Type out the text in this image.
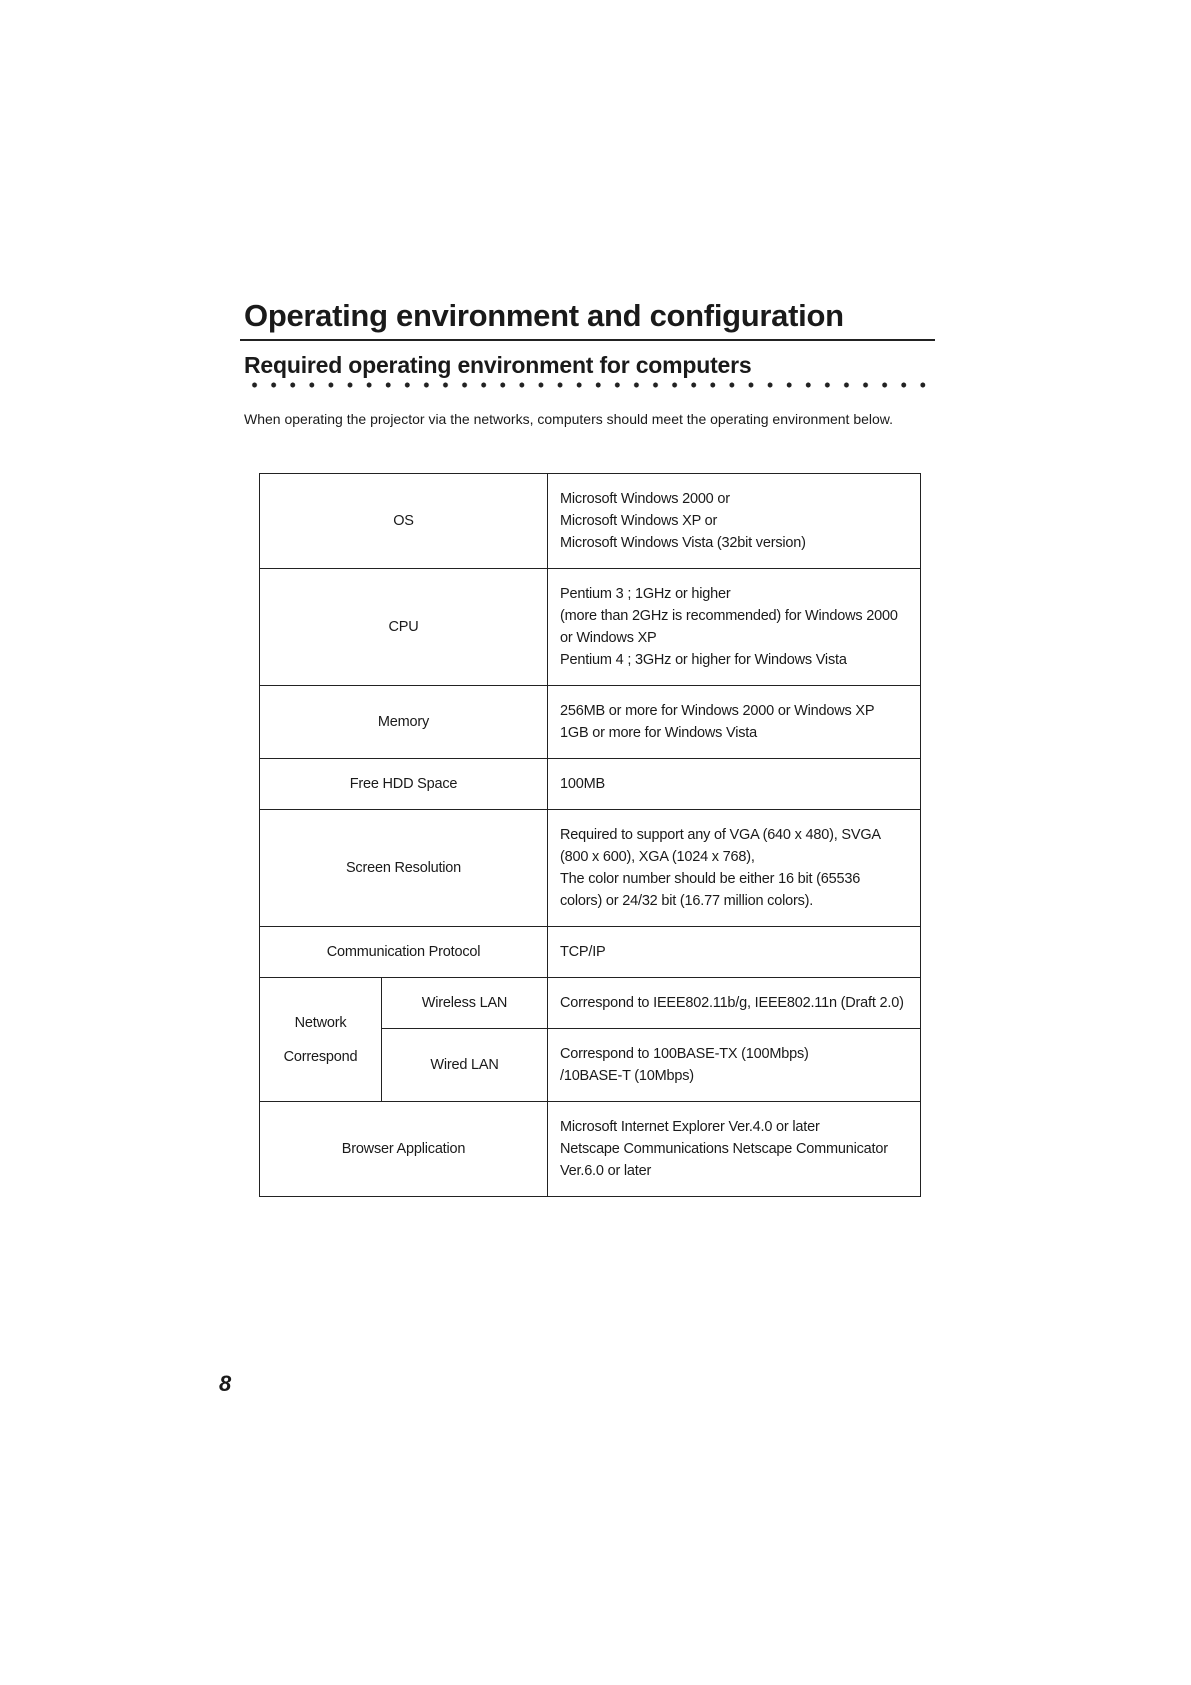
Operating environment and configuration
Required operating environment for computers

When operating the projector via the networks, computers should meet the operating environment below.

OS		Microsoft Windows 2000 or
Microsoft Windows XP or
Microsoft Windows Vista (32bit version)

CPU		Pentium 3 ; 1GHz or higher
(more than 2GHz is recommended) for Windows 2000
or Windows XP
Pentium 4 ; 3GHz or higher for Windows Vista

Memory		256MB or more for Windows 2000 or Windows XP
1GB or more for Windows Vista

Free HDD Space		100MB

Screen Resolution		Required to support any of VGA (640 x 480), SVGA
(800 x 600), XGA (1024 x 768),
The color number should be either 16 bit (65536
colors) or 24/32 bit (16.77 million colors).

Communication Protocol		TCP/IP

Network
Correspond	Wireless LAN	Correspond to IEEE802.11b/g, IEEE802.11n (Draft 2.0)

	Wired LAN	Correspond to 100BASE-TX (100Mbps)
/10BASE-T (10Mbps)

Browser Application		Microsoft Internet Explorer Ver.4.0 or later
Netscape Communications Netscape Communicator
Ver.6.0 or later

8
